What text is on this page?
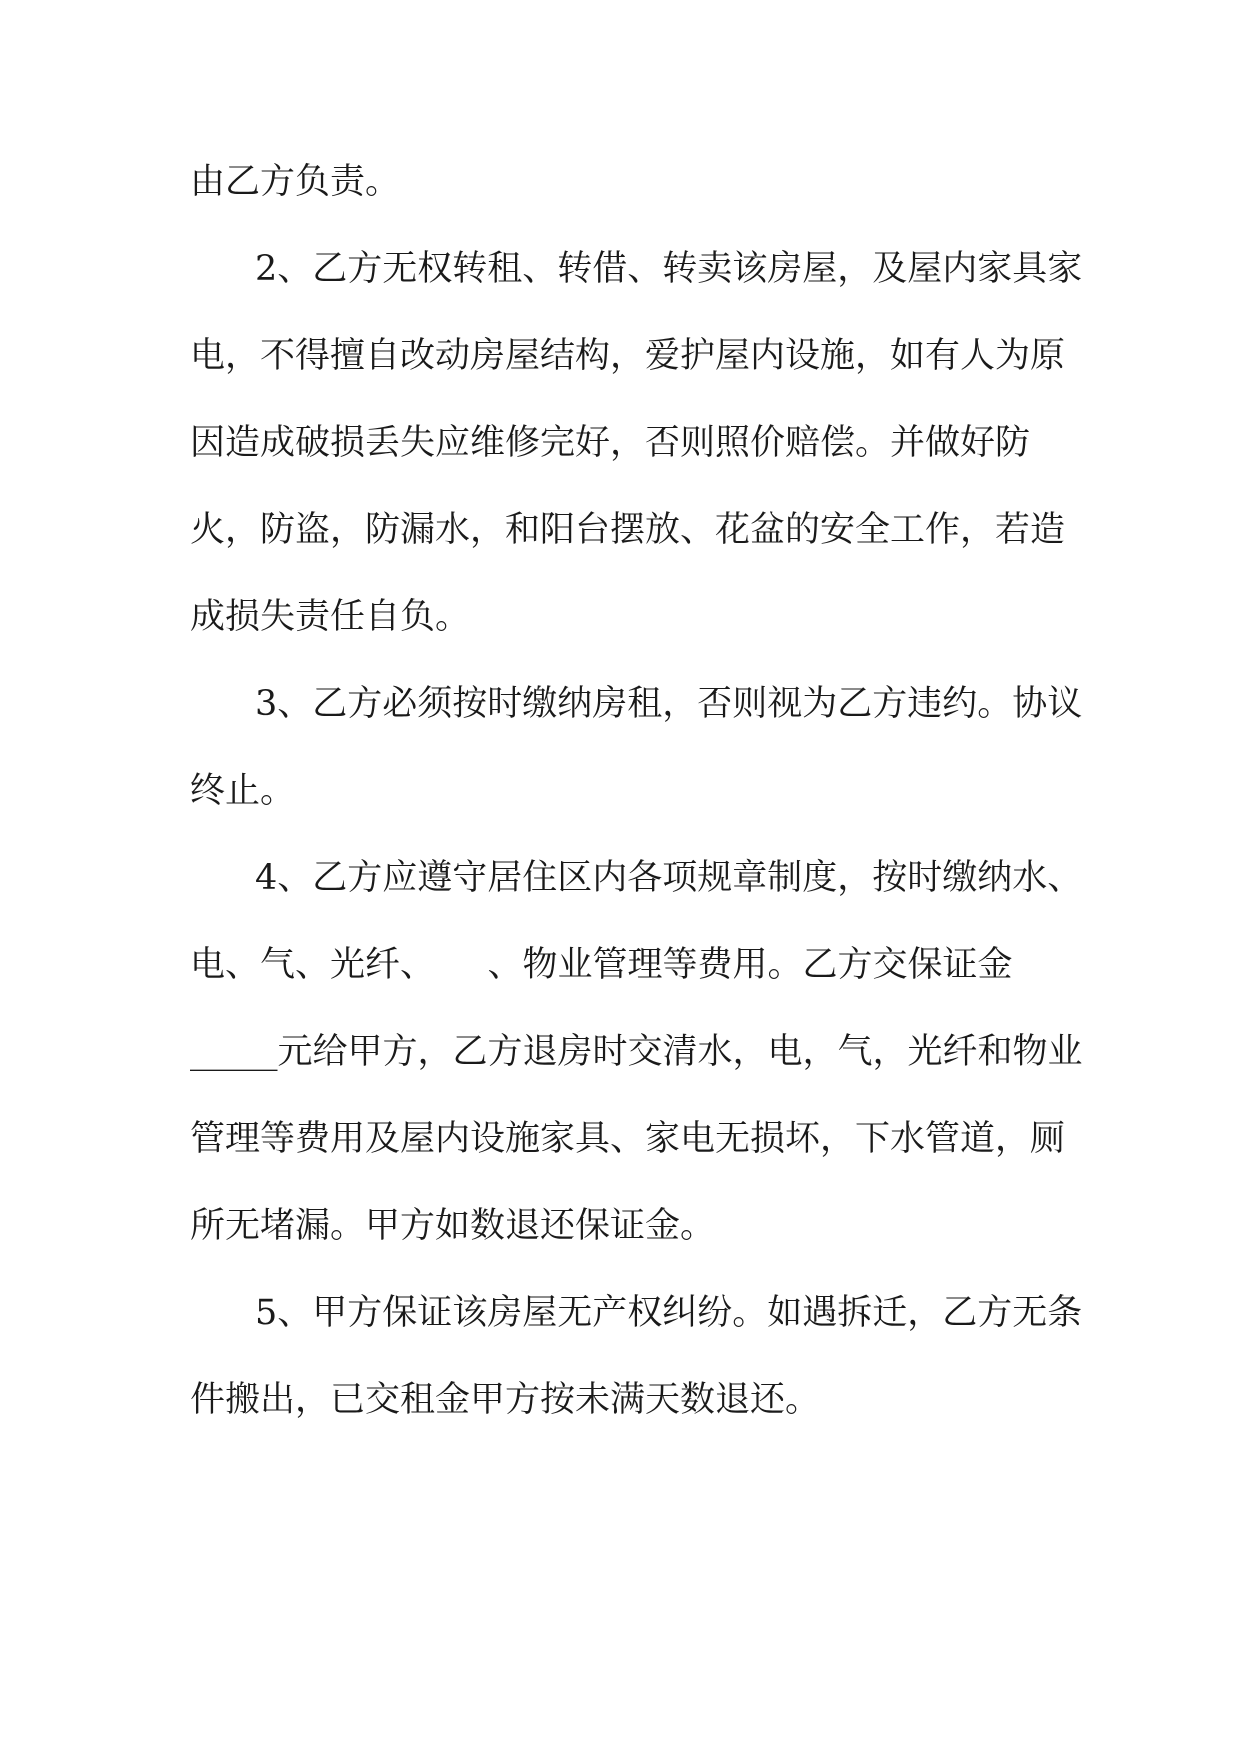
由乙方负责。
2、乙方无权转租、转借、转卖该房屋，及屋内家具家
电，不得擅自改动房屋结构，爱护屋内设施，如有人为原
因造成破损丢失应维修完好，否则照价赔偿。并做好防
火，防盗，防漏水，和阳台摆放、花盆的安全工作，若造
成损失责任自负。
3、乙方必须按时缴纳房租，否则视为乙方违约。协议
终止。
4、乙方应遵守居住区内各项规章制度，按时缴纳水、
电、气、光纤、　　、物业管理等费用。乙方交保证金
_____元给甲方，乙方退房时交清水，电，气，光纤和物业
管理等费用及屋内设施家具、家电无损坏，下水管道，厕
所无堵漏。甲方如数退还保证金。
5、甲方保证该房屋无产权纠纷。如遇拆迁，乙方无条
件搬出，已交租金甲方按未满天数退还。
